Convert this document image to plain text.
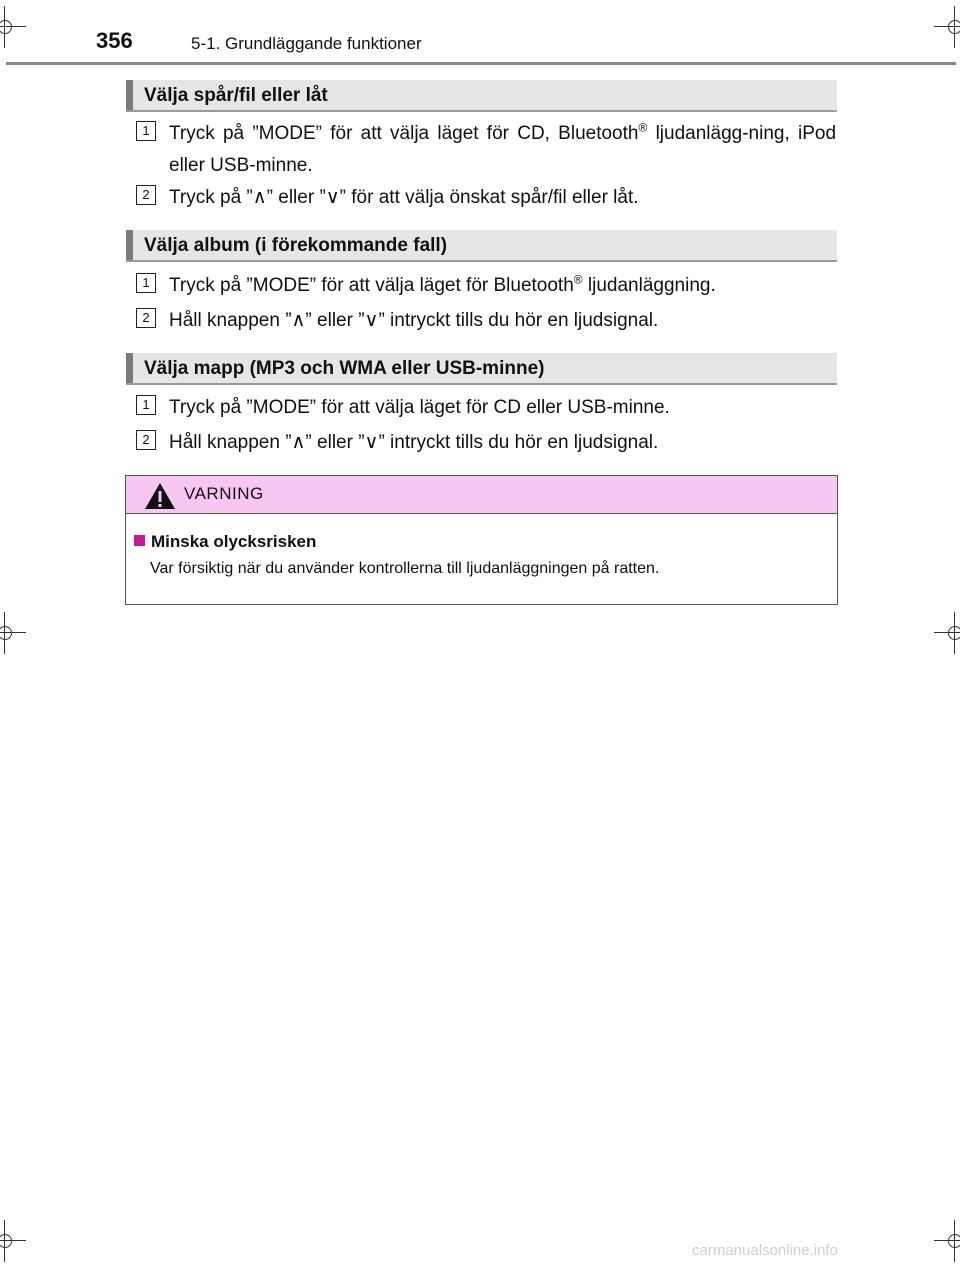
356	5-1. Grundläggande funktioner
Välja spår/fil eller låt
1	Tryck på ”MODE” för att välja läget för CD, Bluetooth® ljudanlägg-ning, iPod eller USB-minne.
2	Tryck på ”∧” eller ”∨” för att välja önskat spår/fil eller låt.
Välja album (i förekommande fall)
1	Tryck på ”MODE” för att välja läget för Bluetooth® ljudanläggning.
2	Håll knappen ”∧” eller ”∨” intryckt tills du hör en ljudsignal.
Välja mapp (MP3 och WMA eller USB-minne)
1	Tryck på ”MODE” för att välja läget för CD eller USB-minne.
2	Håll knappen ”∧” eller ”∨” intryckt tills du hör en ljudsignal.
VARNING
Minska olycksrisken
Var försiktig när du använder kontrollerna till ljudanläggningen på ratten.
carmanualsonline.info
